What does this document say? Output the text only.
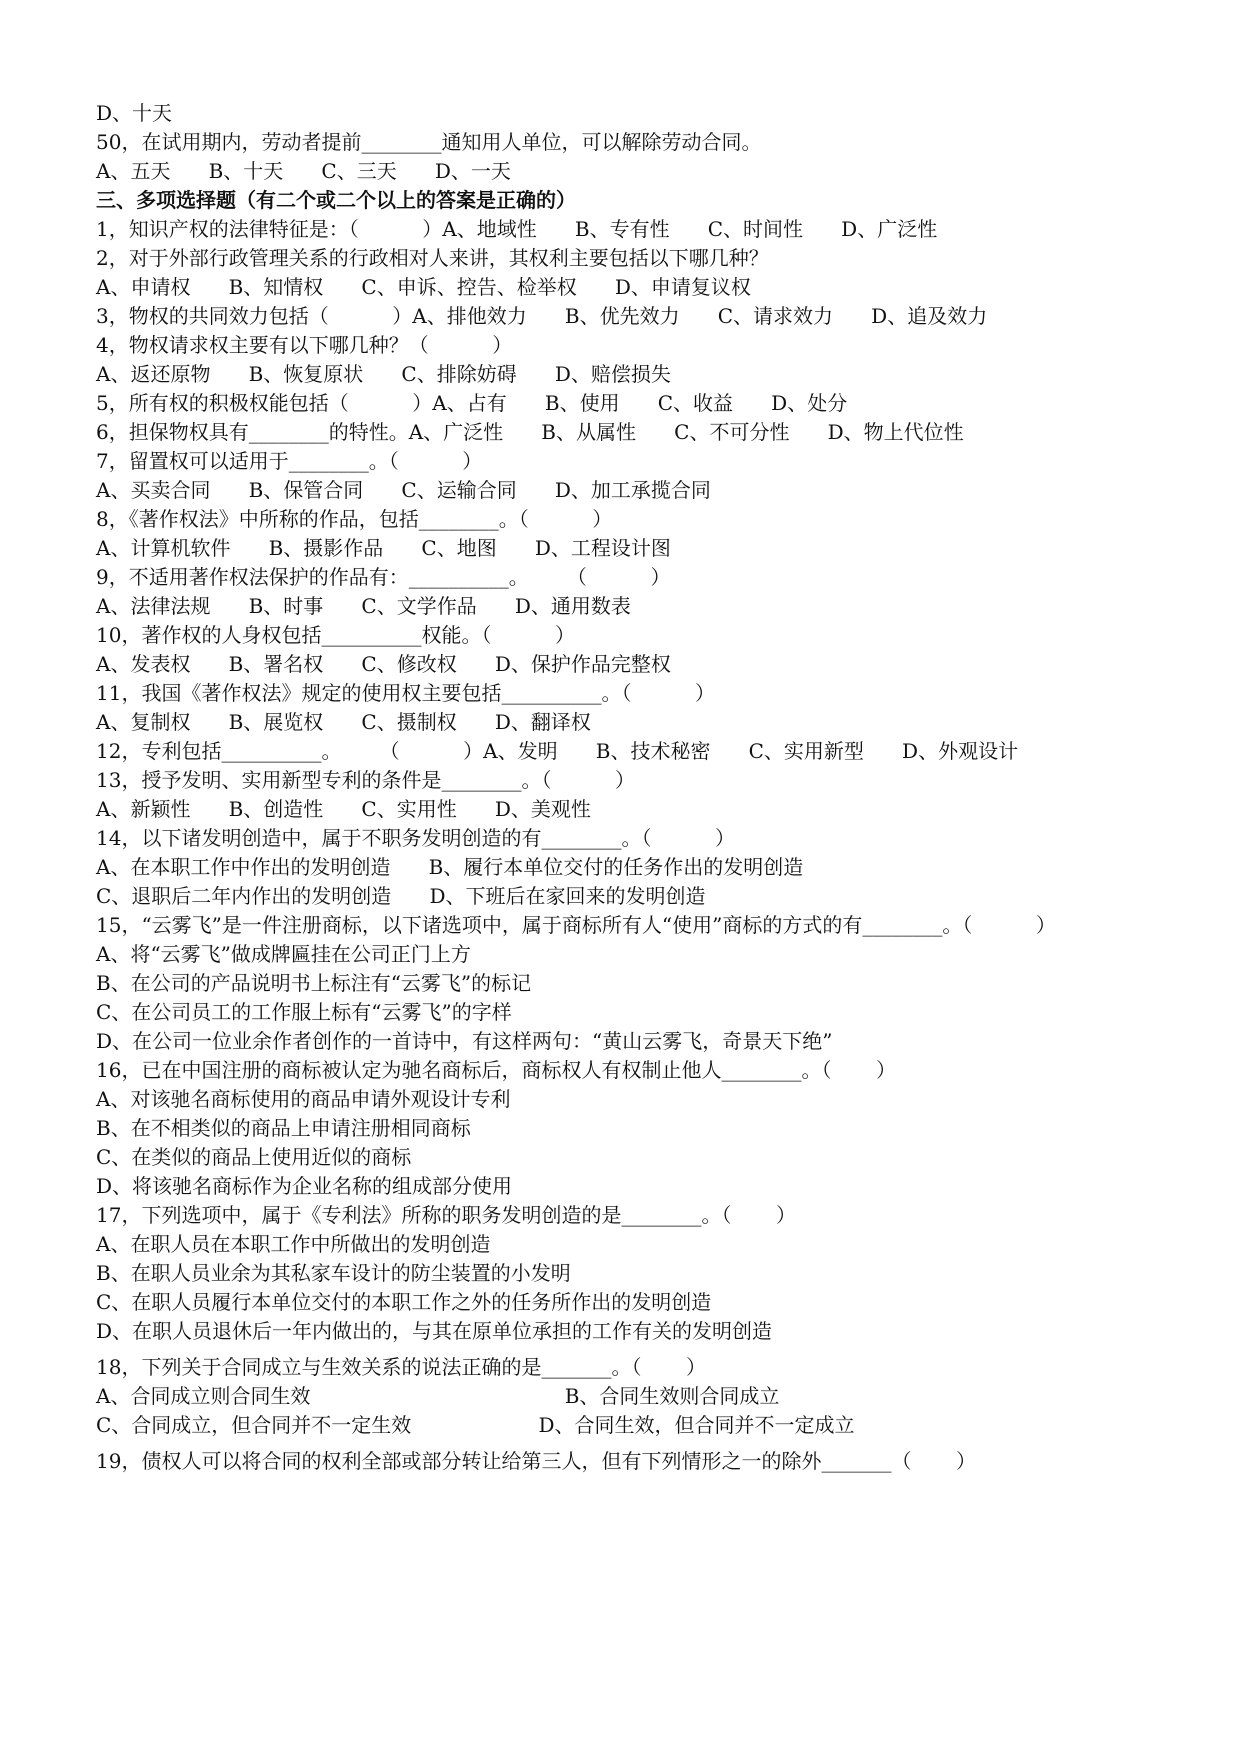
D、十天
50，在试用期内，劳动者提前________通知用人单位，可以解除劳动合同。
A、五天      B、十天      C、三天      D、一天
三、多项选择题（有二个或二个以上的答案是正确的）
1，知识产权的法律特征是：（          ）A、地域性      B、专有性      C、时间性      D、广泛性
2，对于外部行政管理关系的行政相对人来讲，其权利主要包括以下哪几种？
A、申请权      B、知情权      C、申诉、控告、检举权      D、申请复议权
3，物权的共同效力包括（          ）A、排他效力      B、优先效力      C、请求效力      D、追及效力
4，物权请求权主要有以下哪几种？（          ）
A、返还原物      B、恢复原状      C、排除妨碍      D、赔偿损失
5，所有权的积极权能包括（          ）A、占有      B、使用      C、收益      D、处分
6，担保物权具有________的特性。A、广泛性      B、从属性      C、不可分性      D、物上代位性
7，留置权可以适用于________。（          ）
A、买卖合同      B、保管合同      C、运输合同      D、加工承揽合同
8，《著作权法》中所称的作品，包括________。（          ）
A、计算机软件      B、摄影作品      C、地图      D、工程设计图
9，不适用著作权法保护的作品有：__________。      （          ）
A、法律法规      B、时事      C、文学作品      D、通用数表
10，著作权的人身权包括__________权能。（          ）
A、发表权      B、署名权      C、修改权      D、保护作品完整权
11，我国《著作权法》规定的使用权主要包括__________。（          ）
A、复制权      B、展览权      C、摄制权      D、翻译权
12，专利包括__________。      （          ）A、发明      B、技术秘密      C、实用新型      D、外观设计
13，授予发明、实用新型专利的条件是________。（          ）
A、新颖性      B、创造性      C、实用性      D、美观性
14，以下诸发明创造中，属于不职务发明创造的有________。（          ）
A、在本职工作中作出的发明创造      B、履行本单位交付的任务作出的发明创造
C、退职后二年内作出的发明创造      D、下班后在家回来的发明创造
15，“云雾飞”是一件注册商标，以下诸选项中，属于商标所有人“使用”商标的方式的有________。（          ）
A、将“云雾飞”做成牌匾挂在公司正门上方
B、在公司的产品说明书上标注有“云雾飞”的标记
C、在公司员工的工作服上标有“云雾飞”的字样
D、在公司一位业余作者创作的一首诗中，有这样两句：“黄山云雾飞，奇景天下绝”
16，已在中国注册的商标被认定为驰名商标后，商标权人有权制止他人________。（       ）
A、对该驰名商标使用的商品申请外观设计专利
B、在不相类似的商品上申请注册相同商标
C、在类似的商品上使用近似的商标
D、将该驰名商标作为企业名称的组成部分使用
17，下列选项中，属于《专利法》所称的职务发明创造的是________。（       ）
A、在职人员在本职工作中所做出的发明创造
B、在职人员业余为其私家车设计的防尘装置的小发明
C、在职人员履行本单位交付的本职工作之外的任务所作出的发明创造
D、在职人员退休后一年内做出的，与其在原单位承担的工作有关的发明创造
18，下列关于合同成立与生效关系的说法正确的是_______。（       ）
A、合同成立则合同生效                                        B、合同生效则合同成立
C、合同成立，但合同并不一定生效                    D、合同生效，但合同并不一定成立
19，债权人可以将合同的权利全部或部分转让给第三人，但有下列情形之一的除外_______（       ）
